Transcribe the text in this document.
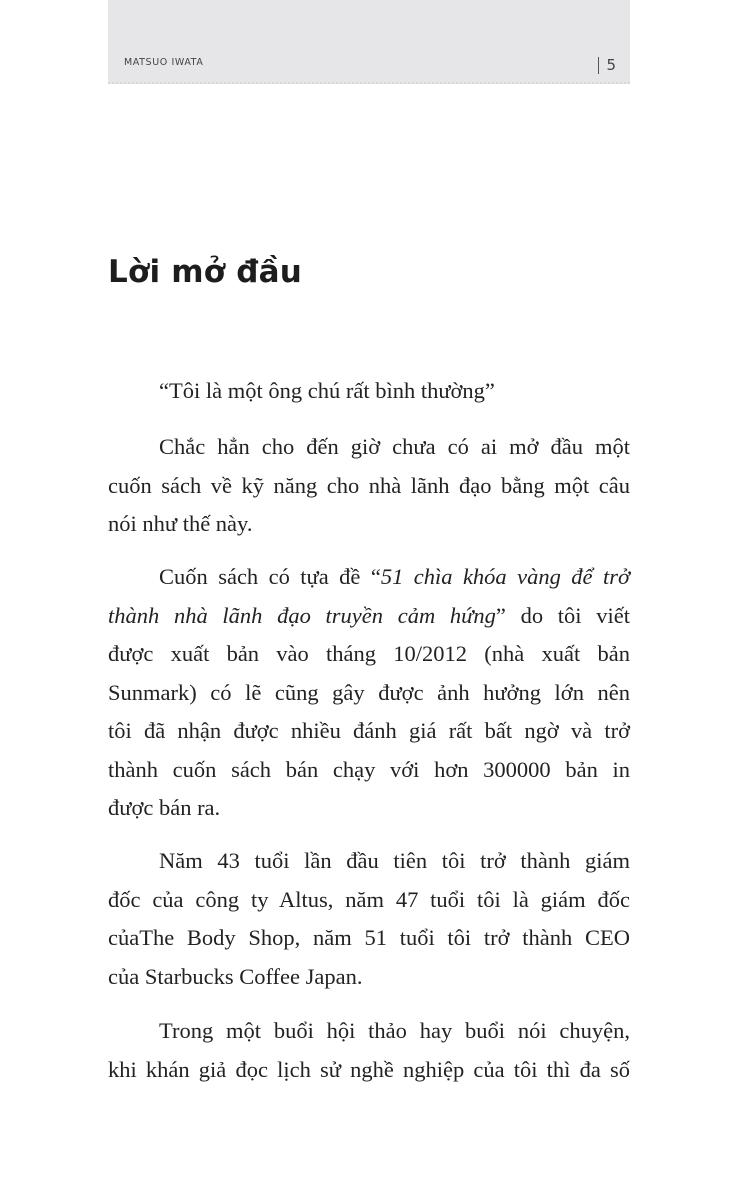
MATSUO IWATA	5
Lời mở đầu
“Tôi là một ông chú rất bình thường”
Chắc hẳn cho đến giờ chưa có ai mở đầu một
cuốn sách về kỹ năng cho nhà lãnh đạo bằng một câu
nói như thế này.
Cuốn sách có tựa đề “51 chìa khóa vàng để trở
thành nhà lãnh đạo truyền cảm hứng” do tôi viết
được xuất bản vào tháng 10/2012 (nhà xuất bản
Sunmark) có lẽ cũng gây được ảnh hưởng lớn nên
tôi đã nhận được nhiều đánh giá rất bất ngờ và trở
thành cuốn sách bán chạy với hơn 300000 bản in
được bán ra.
Năm 43 tuổi lần đầu tiên tôi trở thành giám
đốc của công ty Altus, năm 47 tuổi tôi là giám đốc
củaThe Body Shop, năm 51 tuổi tôi trở thành CEO
của Starbucks Coffee Japan.
Trong một buổi hội thảo hay buổi nói chuyện,
khi khán giả đọc lịch sử nghề nghiệp của tôi thì đa số
